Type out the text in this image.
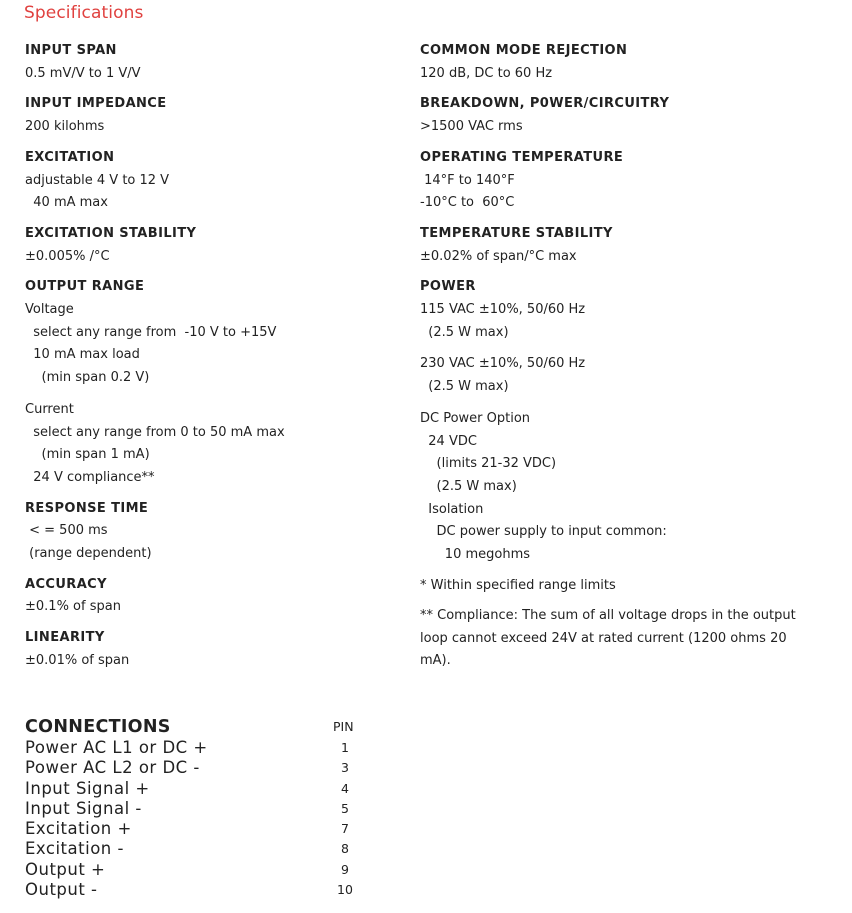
Specifications
INPUT SPAN
0.5 mV/V to 1 V/V
INPUT IMPEDANCE
200 kilohms
EXCITATION
adjustable 4 V to 12 V
40 mA max
EXCITATION STABILITY
±0.005% /°C
OUTPUT RANGE
Voltage
select any range from  -10 V to +15V
10 mA max load
(min span 0.2 V)
Current
select any range from 0 to 50 mA max
(min span 1 mA)
24 V compliance**
RESPONSE TIME
< = 500 ms
(range dependent)
ACCURACY
±0.1% of span
LINEARITY
±0.01% of span
COMMON MODE REJECTION
120 dB, DC to 60 Hz
BREAKDOWN, P0WER/CIRCUITRY
>1500 VAC rms
OPERATING TEMPERATURE
14°F to 140°F
-10°C to  60°C
TEMPERATURE STABILITY
±0.02% of span/°C max
POWER
115 VAC ±10%, 50/60 Hz
(2.5 W max)
230 VAC ±10%, 50/60 Hz
(2.5 W max)
DC Power Option
24 VDC
(limits 21-32 VDC)
(2.5 W max)
Isolation
DC power supply to input common:
10 megohms
* Within specified range limits
** Compliance: The sum of all voltage drops in the output loop cannot exceed 24V at rated current (1200 ohms 20 mA).
CONNECTIONS	PIN
Power AC L1 or DC +	1
Power AC L2 or DC -	3
Input Signal +	4
Input Signal -	5
Excitation +	7
Excitation -	8
Output +	9
Output -	10
